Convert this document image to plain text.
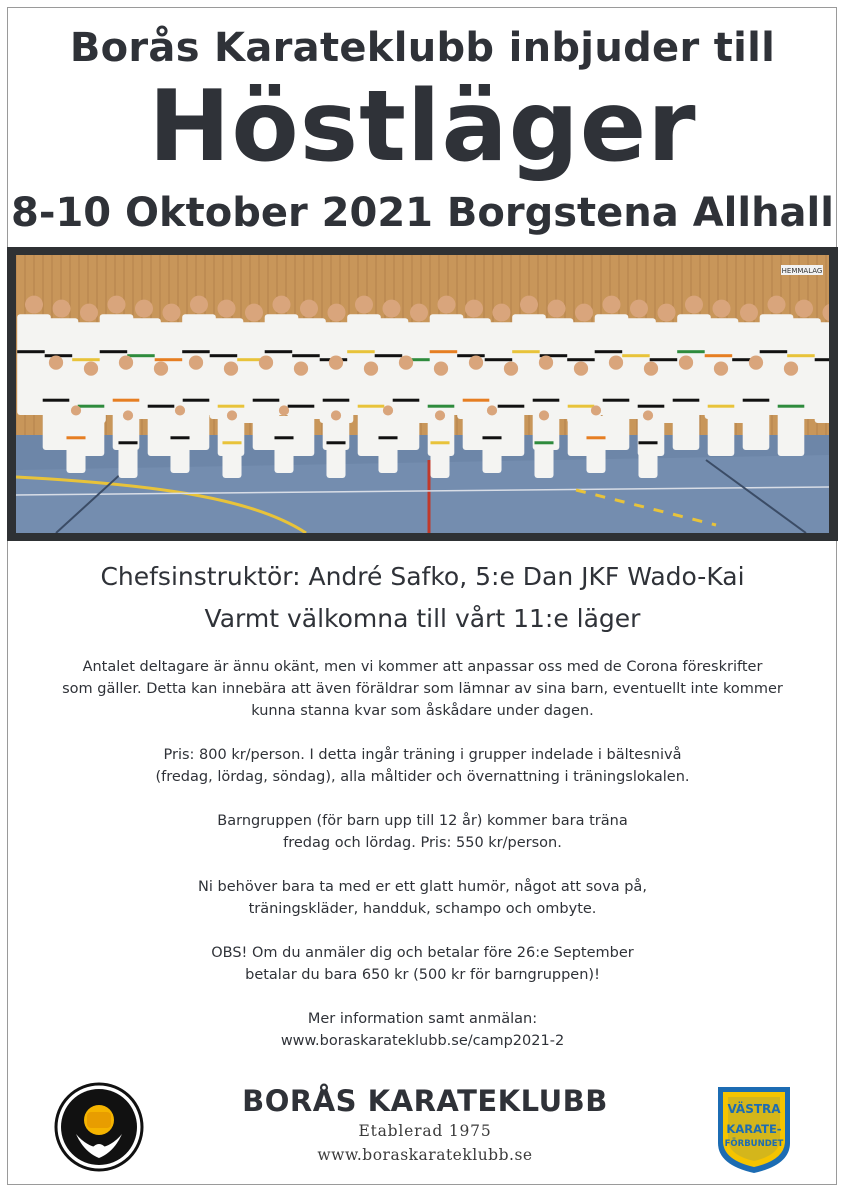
Borås Karateklubb inbjuder till
Höstläger
8-10 Oktober 2021 Borgstena Allhall
HEMMALAG
Chefsinstruktör: André Safko, 5:e Dan JKF Wado-Kai
Varmt välkomna till vårt 11:e läger

Antalet deltagare är ännu okänt, men vi kommer att anpassar oss med de Corona föreskrifter
som gäller. Detta kan innebära att även föräldrar som lämnar av sina barn, eventuellt inte kommer
kunna stanna kvar som åskådare under dagen.

Pris: 800 kr/person. I detta ingår träning i grupper indelade i bältesnivå
(fredag, lördag, söndag), alla måltider och övernattning i träningslokalen.

Barngruppen (för barn upp till 12 år) kommer bara träna
fredag och lördag. Pris: 550 kr/person.

Ni behöver bara ta med er ett glatt humör, något att sova på,
träningskläder, handduk, schampo och ombyte.

OBS! Om du anmäler dig och betalar före 26:e September
betalar du bara 650 kr (500 kr för barngruppen)!

Mer information samt anmälan:
www.boraskarateklubb.se/camp2021-2

BORÅS KARATEKLUBB
Etablerad 1975
www.boraskarateklubb.se
VÄSTRA
KARATE-
FÖRBUNDET
